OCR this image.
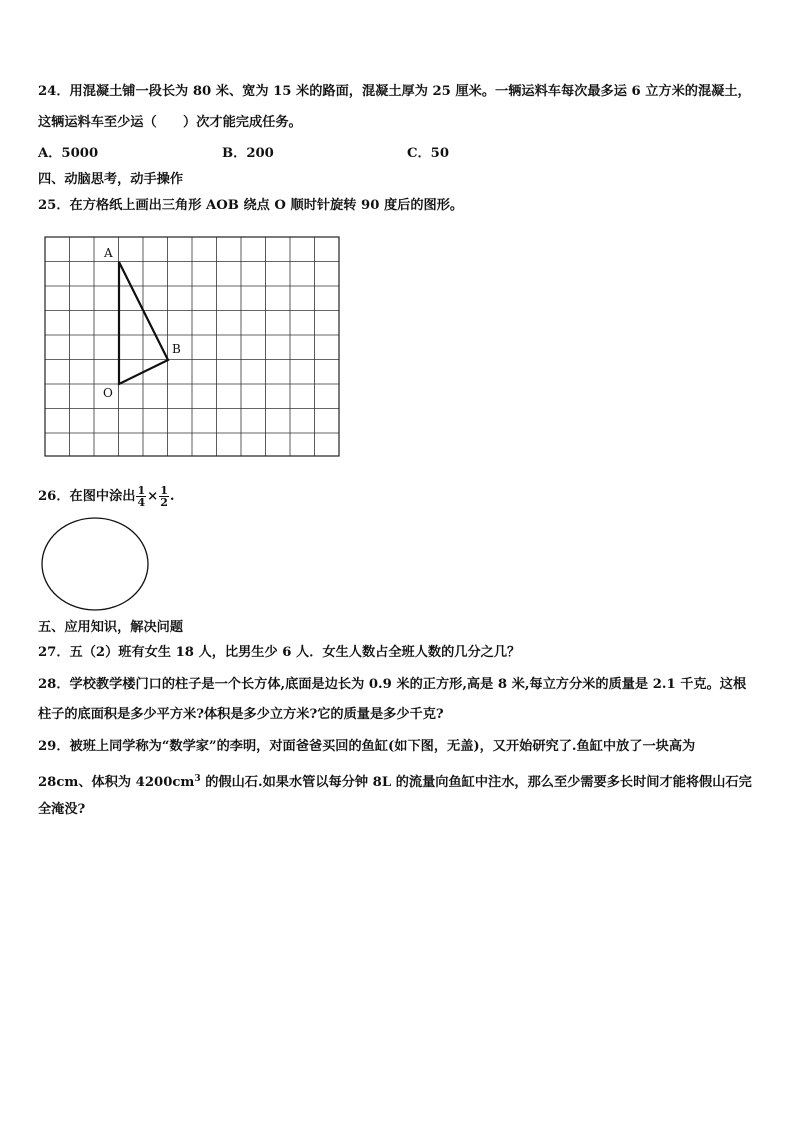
24．用混凝土铺一段长为 80 米、宽为 15 米的路面，混凝土厚为 25 厘米。一辆运料车每次最多运 6 立方米的混凝土，
这辆运料车至少运（　　）次才能完成任务。
A．5000	B．200	C．50
四、动脑思考，动手操作
25．在方格纸上画出三角形 AOB 绕点 O 顺时针旋转 90 度后的图形。
A
B
O
26．在图中涂出 $\frac{1}{4} \times \frac{1}{2}$ .
五、应用知识，解决问题
27．五（2）班有女生 18 人，比男生少 6 人．女生人数占全班人数的几分之几？
28．学校教学楼门口的柱子是一个长方体,底面是边长为 0.9 米的正方形,高是 8 米,每立方分米的质量是 2.1 千克。这根
柱子的底面积是多少平方米?体积是多少立方米?它的质量是多少千克?
29．被班上同学称为“数学家”的李明，对面爸爸买回的鱼缸(如下图，无盖)，又开始研究了.鱼缸中放了一块高为
28cm、体积为 $4200cm^3$ 的假山石.如果水管以每分钟 8L 的流量向鱼缸中注水，那么至少需要多长时间才能将假山石完
全淹没?
